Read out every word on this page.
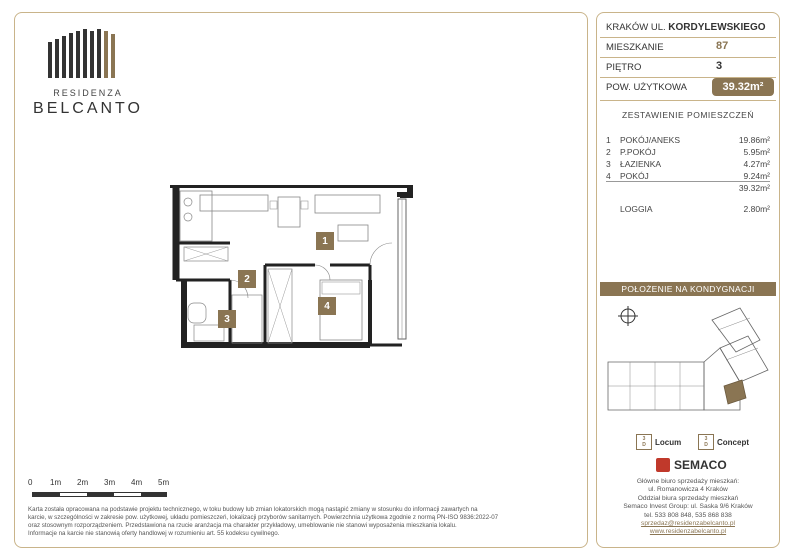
RESIDENZA
BELCANTO
1
2
3
4
0 1m 2m 3m 4m 5m
Karta została opracowana na podstawie projektu technicznego, w toku budowy lub zmian lokatorskich mogą nastąpić zmiany w stosunku do informacji zawartych na
karcie, w szczególności w zakresie pow. użytkowej, układu pomieszczeń, lokalizacji przyborów sanitarnych. Powierzchnia użytkowa zgodnie z normą PN-ISO 9836:2022-07
oraz stosownym rozporządzeniem. Przedstawiona na rzucie aranżacja ma charakter przykładowy, umeblowanie nie stanowi wyposażenia mieszkania lokalu.
Informacje na karcie nie stanowią oferty handlowej w rozumieniu art. 55 kodeksu cywilnego.
KRAKÓW UL. KORDYLEWSKIEGO
MIESZKANIE	87
PIĘTRO	3
POW. UŻYTKOWA	39.32m²
ZESTAWIENIE POMIESZCZEŃ
1	POKÓJ/ANEKS	19.86m²
2	P.POKÓJ	5.95m²
3	ŁAZIENKA	4.27m²
4	POKÓJ	9.24m²
39.32m²
LOGGIA	2.80m²
POŁOŻENIE NA KONDYGNACJI
3
D Locum	3
D Concept
SEMACO
Główne biuro sprzedaży mieszkań:
ul. Romanowicza 4 Kraków
Oddział biura sprzedaży mieszkań
Semaco Invest Group: ul. Saska 9/6 Kraków
tel. 533 808 848, 535 868 838
sprzedaz@residenzabelcanto.pl
www.residenzabelcanto.pl
